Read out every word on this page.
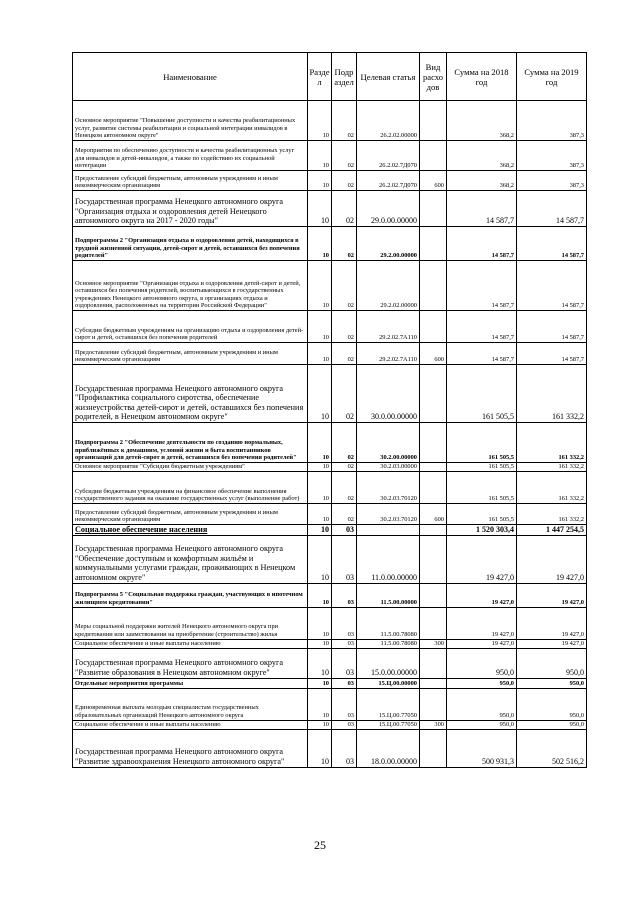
Наименование	Разде л	Подр аздел	Целевая статья	Вид расхо дов	Сумма на 2018 год	Сумма на 2019 год
Основное мероприятие "Повышение доступности и качества реабилитационных услуг, развитие системы реабилитации и социальной интеграции инвалидов в Ненецком автономном округе"	10	02	26.2.02.00000		368,2	387,3
Мероприятия по обеспечению доступности и качества реабилитационных услуг для инвалидов и детей-инвалидов, а также по содействию их социальной интеграции	10	02	26.2.02.7Д070		368,2	387,3
Предоставление субсидий бюджетным, автономным учреждениям и иным некоммерческим организациям	10	02	26.2.02.7Д070	600	368,2	387,3
Государственная программа Ненецкого автономного округа "Организация отдыха и оздоровления детей Ненецкого автономного округа на 2017 - 2020 годы"	10	02	29.0.00.00000		14 587,7	14 587,7
Подпрограмма 2 "Организация отдыха и оздоровления детей, находящихся в трудной жизненной ситуации, детей-сирот и детей, оставшихся без попечения родителей"	10	02	29.2.00.00000		14 587,7	14 587,7
Основное мероприятие "Организация отдыха и оздоровления детей-сирот и детей, оставшихся без попечения родителей, воспитывающихся в государственных учреждениях Ненецкого автономного округа, в организациях отдыха и оздоровления, расположенных на территории Российской Федерации"	10	02	29.2.02.00000		14 587,7	14 587,7
Субсидии бюджетным учреждениям на организацию отдыха и оздоровления детей-сирот и детей, оставшихся без попечения родителей	10	02	29.2.02.7А110		14 587,7	14 587,7
Предоставление субсидий бюджетным, автономным учреждениям и иным некоммерческим организациям	10	02	29.2.02.7А110	600	14 587,7	14 587,7
Государственная программа Ненецкого автономного округа "Профилактика социального сиротства, обеспечение жизнеустройства детей-сирот и детей, оставшихся без попечения родителей, в Ненецком автономном округе"	10	02	30.0.00.00000		161 505,5	161 332,2
Подпрограмма 2 "Обеспечение деятельности по созданию нормальных, приближённых к домашним, условий жизни и быта воспитанников организаций для детей-сирот и детей, оставшихся без попечения родителей"	10	02	30.2.00.00000		161 505,5	161 332,2
Основное мероприятие "Субсидии бюджетным учреждениям"	10	02	30.2.03.00000		161 505,5	161 332,2
Субсидии бюджетным учреждениям на финансовое обеспечение выполнения государственного задания на оказание государственных услуг (выполнение работ)	10	02	30.2.03.70120		161 505,5	161 332,2
Предоставление субсидий бюджетным, автономным учреждениям и иным некоммерческим организациям	10	02	30.2.03.70120	600	161 505,5	161 332,2
Социальное обеспечение населения	10	03			1 520 303,4	1 447 254,5
Государственная программа Ненецкого автономного округа "Обеспечение доступным и комфортным жильём и коммунальными услугами граждан, проживающих в Ненецком автономном округе"	10	03	11.0.00.00000		19 427,0	19 427,0
Подпрограмма 5 "Социальная поддержка граждан, участвующих в ипотечном жилищном кредитовании"	10	03	11.5.00.00000		19 427,0	19 427,0
Меры социальной поддержки жителей Ненецкого автономного округа при кредитовании или заимствовании на приобретение (строительство) жилья	10	03	11.5.00.78080		19 427,0	19 427,0
Социальное обеспечение и иные выплаты населению	10	03	11.5.00.78080	300	19 427,0	19 427,0
Государственная программа Ненецкого автономного округа "Развитие образования в Ненецком автономном округе"	10	03	15.0.00.00000		950,0	950,0
Отдельные мероприятия программы	10	03	15.Ц.00.00000		950,0	950,0
Единовременная выплата молодым специалистам государственных образовательных организаций Ненецкого автономного округа	10	03	15.Ц.00.77050		950,0	950,0
Социальное обеспечение и иные выплаты населению	10	03	15.Ц.00.77050	300	950,0	950,0
Государственная программа Ненецкого автономного округа "Развитие здравоохранения Ненецкого автономного округа"	10	03	18.0.00.00000		500 931,3	502 516,2
25
